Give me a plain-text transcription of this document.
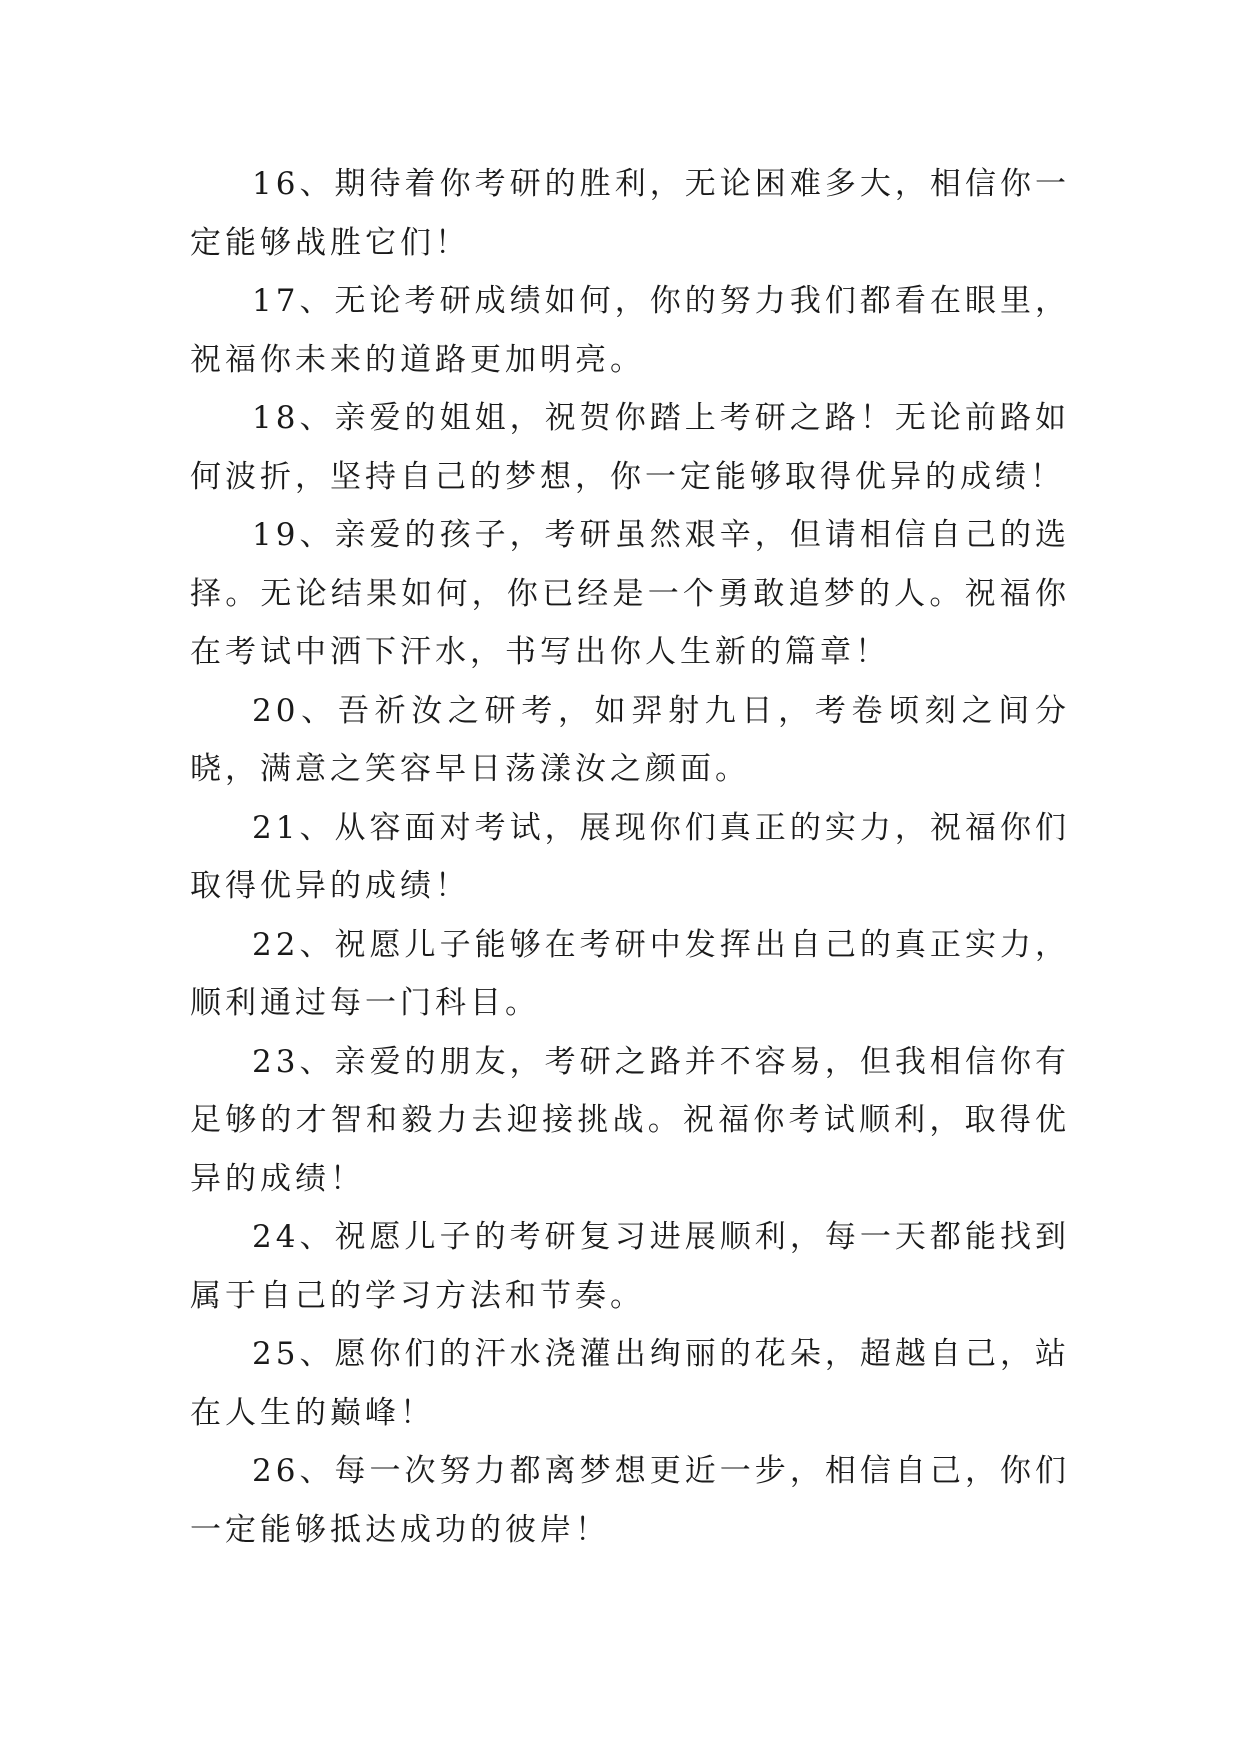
16、期待着你考研的胜利，无论困难多大，相信你一定能够战胜它们！

17、无论考研成绩如何，你的努力我们都看在眼里，祝福你未来的道路更加明亮。

18、亲爱的姐姐，祝贺你踏上考研之路！无论前路如何波折，坚持自己的梦想，你一定能够取得优异的成绩！

19、亲爱的孩子，考研虽然艰辛，但请相信自己的选择。无论结果如何，你已经是一个勇敢追梦的人。祝福你在考试中洒下汗水，书写出你人生新的篇章！

20、吾祈汝之研考，如羿射九日，考卷顷刻之间分晓，满意之笑容早日荡漾汝之颜面。

21、从容面对考试，展现你们真正的实力，祝福你们取得优异的成绩！

22、祝愿儿子能够在考研中发挥出自己的真正实力，顺利通过每一门科目。

23、亲爱的朋友，考研之路并不容易，但我相信你有足够的才智和毅力去迎接挑战。祝福你考试顺利，取得优异的成绩！

24、祝愿儿子的考研复习进展顺利，每一天都能找到属于自己的学习方法和节奏。

25、愿你们的汗水浇灌出绚丽的花朵，超越自己，站在人生的巅峰！

26、每一次努力都离梦想更近一步，相信自己，你们一定能够抵达成功的彼岸！
